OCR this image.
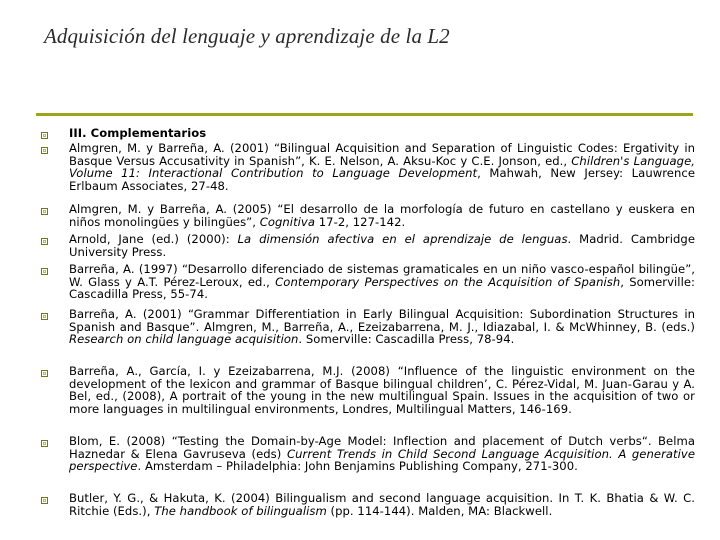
Adquisición del lenguaje y aprendizaje de la L2
III. Complementarios
Almgren, M. y Barreña, A. (2001) “Bilingual Acquisition and Separation of Linguistic Codes: Ergativity in Basque Versus Accusativity in Spanish”, K. E. Nelson, A. Aksu-Koc y C.E. Jonson, ed., Children's Language, Volume 11: Interactional Contribution to Language Development, Mahwah, New Jersey: Lauwrence Erlbaum Associates, 27-48.
Almgren, M. y Barreña, A. (2005) “El desarrollo de la morfología de futuro en castellano y euskera en niños monolingües y bilingües”, Cognitiva 17-2, 127-142.
Arnold, Jane (ed.) (2000): La dimensión afectiva en el aprendizaje de lenguas. Madrid. Cambridge University Press.
Barreña, A. (1997) “Desarrollo diferenciado de sistemas gramaticales en un niño vasco-español bilingüe”, W. Glass y A.T. Pérez-Leroux, ed., Contemporary Perspectives on the Acquisition of Spanish, Somerville: Cascadilla Press, 55-74.
Barreña, A. (2001) “Grammar Differentiation in Early Bilingual Acquisition: Subordination Structures in Spanish and Basque”. Almgren, M., Barreña, A., Ezeizabarrena, M. J., Idiazabal, I. & McWhinney, B. (eds.) Research on child language acquisition. Somerville: Cascadilla Press, 78-94.
Barreña, A., García, I. y Ezeizabarrena, M.J. (2008) “Influence of the linguistic environment on the development of the lexicon and grammar of Basque bilingual children’, C. Pérez-Vidal, M. Juan-Garau y A. Bel, ed., (2008), A portrait of the young in the new multilingual Spain. Issues in the acquisition of two or more languages in multilingual environments, Londres, Multilingual Matters, 146-169.
Blom, E. (2008) “Testing the Domain-by-Age Model: Inflection and placement of Dutch verbs“. Belma Haznedar & Elena Gavruseva (eds) Current Trends in Child Second Language Acquisition. A generative perspective. Amsterdam – Philadelphia: John Benjamins Publishing Company, 271-300.
Butler, Y. G., & Hakuta, K. (2004) Bilingualism and second language acquisition. In T. K. Bhatia & W. C. Ritchie (Eds.), The handbook of bilingualism (pp. 114-144). Malden, MA: Blackwell.
